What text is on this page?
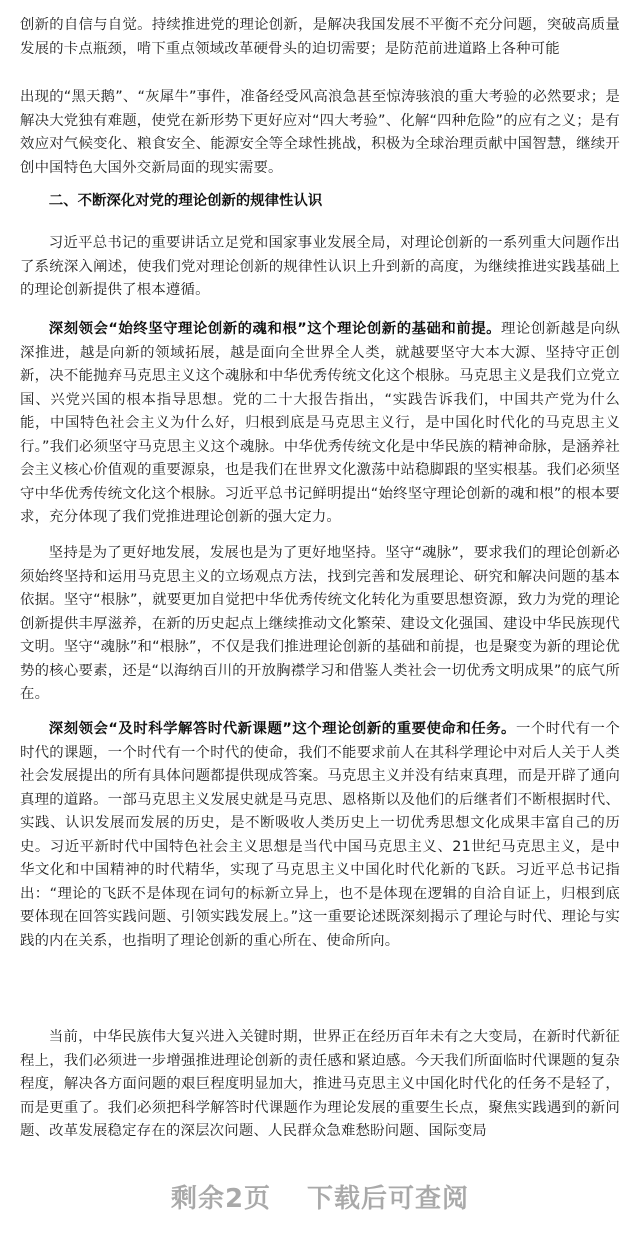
创新的自信与自觉。持续推进党的理论创新，是解决我国发展不平衡不充分问题，突破高质量发展的卡点瓶颈，啃下重点领域改革硬骨头的迫切需要；是防范前进道路上各种可能

出现的“黑天鹅”、“灰犀牛”事件，准备经受风高浪急甚至惊涛骇浪的重大考验的必然要求；是解决大党独有难题，使党在新形势下更好应对“四大考验”、化解“四种危险”的应有之义；是有效应对气候变化、粮食安全、能源安全等全球性挑战，积极为全球治理贡献中国智慧，继续开创中国特色大国外交新局面的现实需要。

二、不断深化对党的理论创新的规律性认识

习近平总书记的重要讲话立足党和国家事业发展全局，对理论创新的一系列重大问题作出了系统深入阐述，使我们党对理论创新的规律性认识上升到新的高度，为继续推进实践基础上的理论创新提供了根本遵循。

深刻领会“始终坚守理论创新的魂和根”这个理论创新的基础和前提。理论创新越是向纵深推进，越是向新的领域拓展，越是面向全世界全人类，就越要坚守大本大源、坚持守正创新，决不能抛弃马克思主义这个魂脉和中华优秀传统文化这个根脉。马克思主义是我们立党立国、兴党兴国的根本指导思想。党的二十大报告指出，“实践告诉我们，中国共产党为什么能，中国特色社会主义为什么好，归根到底是马克思主义行，是中国化时代化的马克思主义行。”我们必须坚守马克思主义这个魂脉。中华优秀传统文化是中华民族的精神命脉，是涵养社会主义核心价值观的重要源泉，也是我们在世界文化激荡中站稳脚跟的坚实根基。我们必须坚守中华优秀传统文化这个根脉。习近平总书记鲜明提出“始终坚守理论创新的魂和根”的根本要求，充分体现了我们党推进理论创新的强大定力。

坚持是为了更好地发展，发展也是为了更好地坚持。坚守“魂脉”，要求我们的理论创新必须始终坚持和运用马克思主义的立场观点方法，找到完善和发展理论、研究和解决问题的基本依据。坚守“根脉”，就要更加自觉把中华优秀传统文化转化为重要思想资源，致力为党的理论创新提供丰厚滋养，在新的历史起点上继续推动文化繁荣、建设文化强国、建设中华民族现代文明。坚守“魂脉”和“根脉”，不仅是我们推进理论创新的基础和前提，也是聚变为新的理论优势的核心要素，还是“以海纳百川的开放胸襟学习和借鉴人类社会一切优秀文明成果”的底气所在。

深刻领会“及时科学解答时代新课题”这个理论创新的重要使命和任务。一个时代有一个时代的课题，一个时代有一个时代的使命，我们不能要求前人在其科学理论中对后人关于人类社会发展提出的所有具体问题都提供现成答案。马克思主义并没有结束真理，而是开辟了通向真理的道路。一部马克思主义发展史就是马克思、恩格斯以及他们的后继者们不断根据时代、实践、认识发展而发展的历史，是不断吸收人类历史上一切优秀思想文化成果丰富自己的历史。习近平新时代中国特色社会主义思想是当代中国马克思主义、21世纪马克思主义，是中华文化和中国精神的时代精华，实现了马克思主义中国化时代化新的飞跃。习近平总书记指出：“理论的飞跃不是体现在词句的标新立异上，也不是体现在逻辑的自洽自证上，归根到底要体现在回答实践问题、引领实践发展上。”这一重要论述既深刻揭示了理论与时代、理论与实践的内在关系，也指明了理论创新的重心所在、使命所向。

当前，中华民族伟大复兴进入关键时期，世界正在经历百年未有之大变局，在新时代新征程上，我们必须进一步增强推进理论创新的责任感和紧迫感。今天我们所面临时代课题的复杂程度，解决各方面问题的艰巨程度明显加大，推进马克思主义中国化时代化的任务不是轻了，而是更重了。我们必须把科学解答时代课题作为理论发展的重要生长点，聚焦实践遇到的新问题、改革发展稳定存在的深层次问题、人民群众急难愁盼问题、国际变局

剩余2页 下载后可查阅
